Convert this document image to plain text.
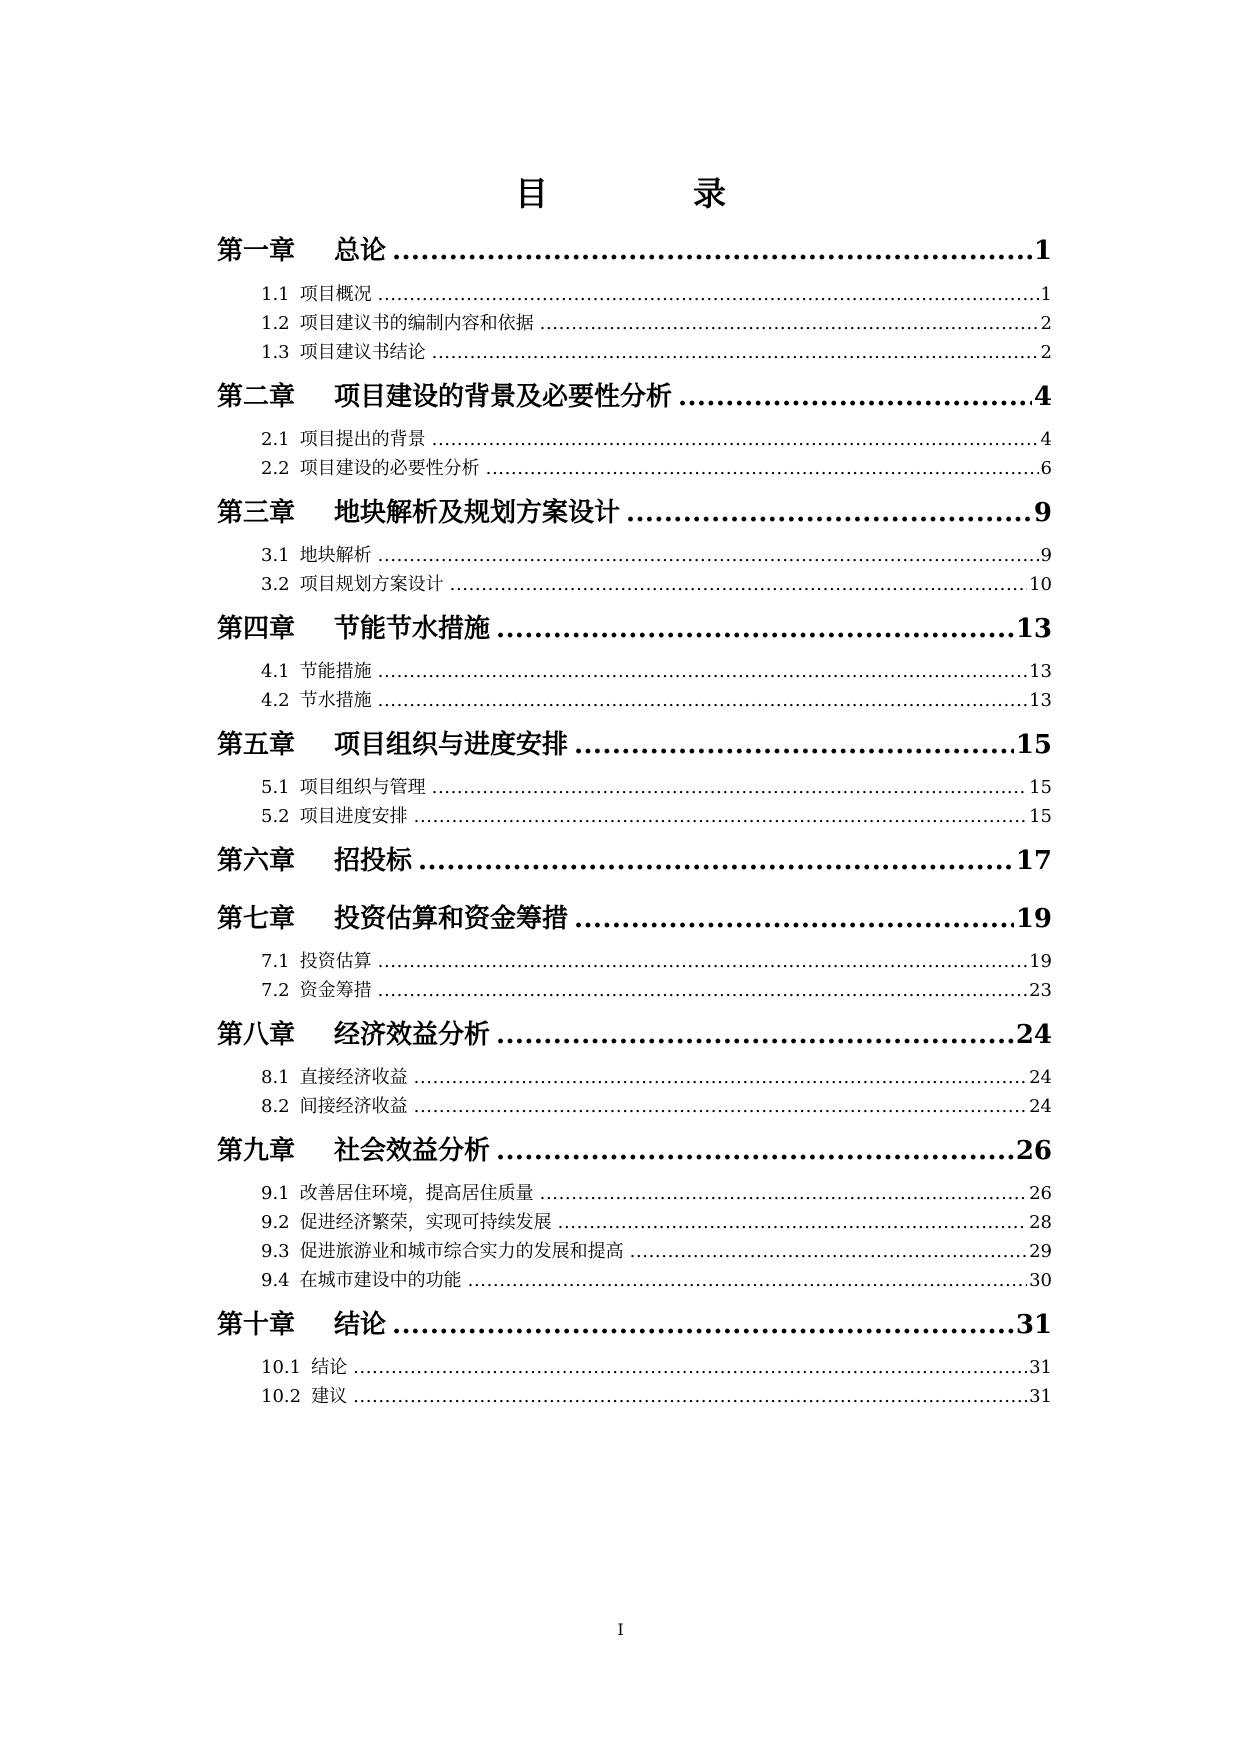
目　录
第一章	总论 .....	1
1.1 项目概况 .....	1
1.2 项目建议书的编制内容和依据 .....	2
1.3 项目建议书结论 .....	2
第二章	项目建设的背景及必要性分析 .....	4
2.1 项目提出的背景 .....	4
2.2 项目建设的必要性分析 .....	6
第三章	地块解析及规划方案设计 .....	9
3.1 地块解析 .....	9
3.2 项目规划方案设计 .....	10
第四章	节能节水措施 .....	13
4.1 节能措施 .....	13
4.2 节水措施 .....	13
第五章	项目组织与进度安排 .....	15
5.1 项目组织与管理 .....	15
5.2 项目进度安排 .....	15
第六章	招投标 .....	17
第七章	投资估算和资金筹措 .....	19
7.1 投资估算 .....	19
7.2 资金筹措 .....	23
第八章	经济效益分析 .....	24
8.1 直接经济收益 .....	24
8.2 间接经济收益 .....	24
第九章	社会效益分析 .....	26
9.1 改善居住环境，提高居住质量 .....	26
9.2 促进经济繁荣，实现可持续发展 .....	28
9.3 促进旅游业和城市综合实力的发展和提高 .....	29
9.4 在城市建设中的功能 .....	30
第十章	结论 .....	31
10.1 结论 .....	31
10.2 建议 .....	31
I
